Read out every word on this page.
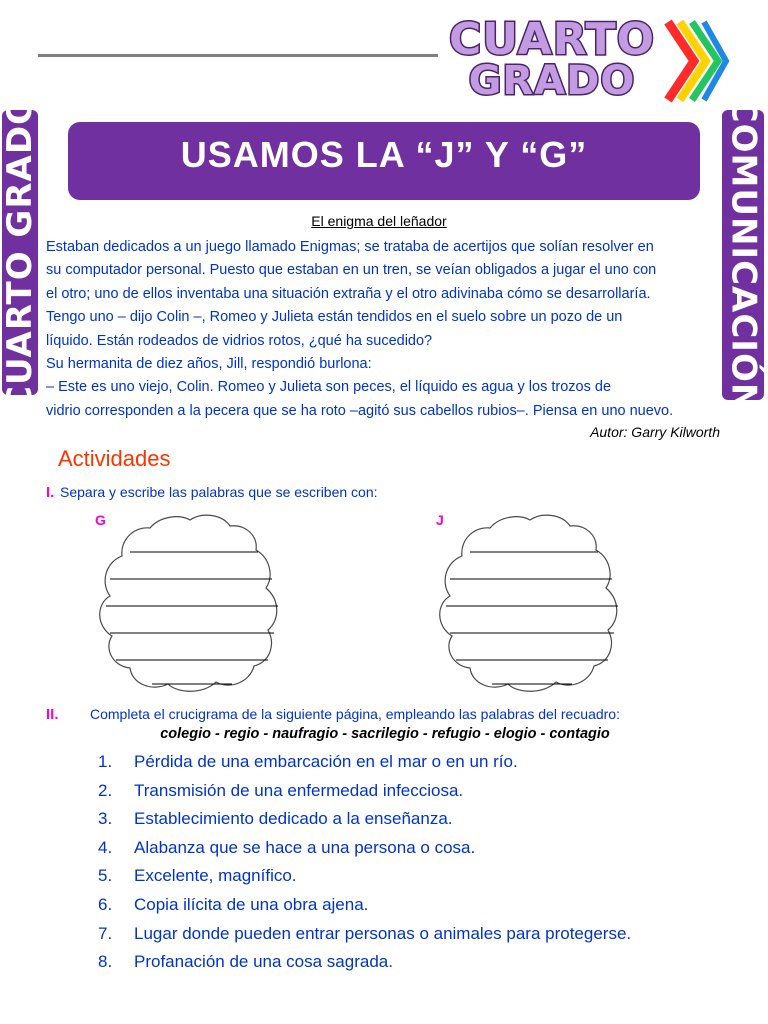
CUARTO
GRADO
CUARTO GRADO	COMUNICACIÓN
USAMOS LA “J” Y “G”
El enigma del leñador
Estaban dedicados a un juego llamado Enigmas; se trataba de acertijos que solían resolver en
su computador personal. Puesto que estaban en un tren, se veían obligados a jugar el uno con
el otro; uno de ellos inventaba una situación extraña y el otro adivinaba cómo se desarrollaría.
Tengo uno – dijo Colin –, Romeo y Julieta están tendidos en el suelo sobre un pozo de un
líquido. Están rodeados de vidrios rotos, ¿qué ha sucedido?
Su hermanita de diez años, Jill, respondió burlona:
– Este es uno viejo, Colin. Romeo y Julieta son peces, el líquido es agua y los trozos de
vidrio corresponden a la pecera que se ha roto –agitó sus cabellos rubios–. Piensa en uno nuevo.
Autor: Garry Kilworth
Actividades
I. Separa y escribe las palabras que se escriben con:
G	J
II. Completa el crucigrama de la siguiente página, empleando las palabras del recuadro:
colegio - regio - naufragio - sacrilegio - refugio - elogio - contagio
1. Pérdida de una embarcación en el mar o en un río.
2. Transmisión de una enfermedad infecciosa.
3. Establecimiento dedicado a la enseñanza.
4. Alabanza que se hace a una persona o cosa.
5. Excelente, magnífico.
6. Copia ilícita de una obra ajena.
7. Lugar donde pueden entrar personas o animales para protegerse.
8. Profanación de una cosa sagrada.
